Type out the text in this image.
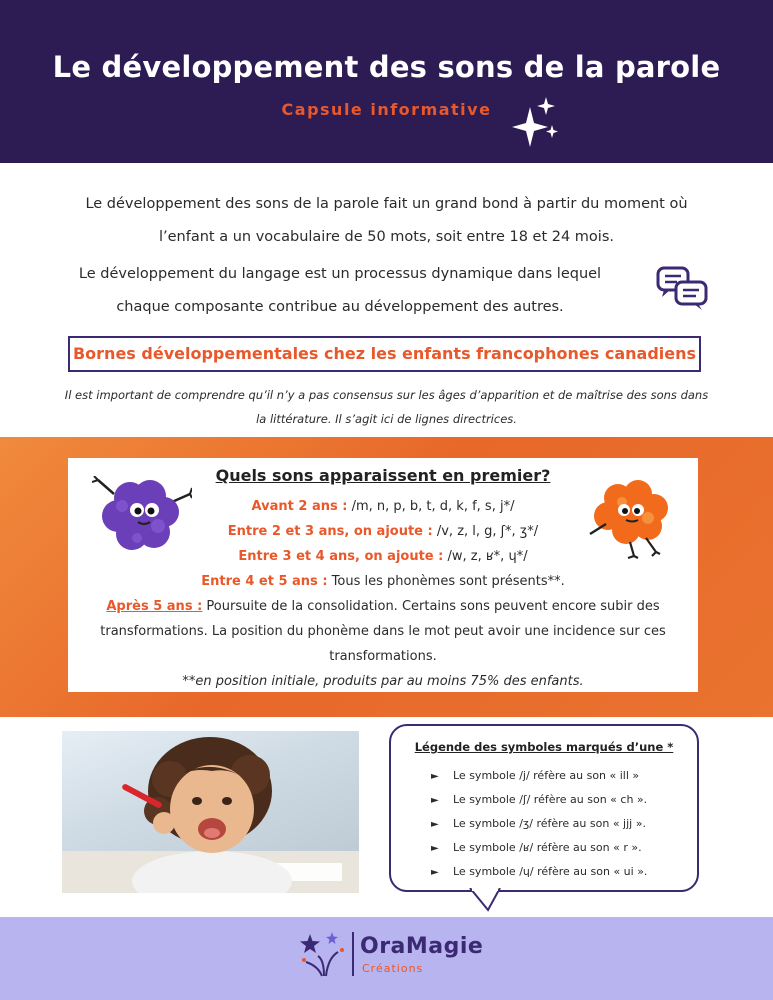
Le développement des sons de la parole
Capsule informative
Le développement des sons de la parole fait un grand bond à partir du moment où
l’enfant a un vocabulaire de 50 mots, soit entre 18 et 24 mois.
Le développement du langage est un processus dynamique dans lequel
chaque composante contribue au développement des autres.
Bornes développementales chez les enfants francophones canadiens
Il est important de comprendre qu’il n’y a pas consensus sur les âges d’apparition et de maîtrise des sons dans
la littérature. Il s’agit ici de lignes directrices.
Quels sons apparaissent en premier?
Avant 2 ans : /m, n, p, b, t, d, k, f, s, j*/
Entre 2 et 3 ans, on ajoute : /v, z, l, g, ʃ*, ʒ*/
Entre 3 et 4 ans, on ajoute : /w, z, ʁ*, ɥ*/
Entre 4 et 5 ans : Tous les phonèmes sont présents**.
Après 5 ans : Poursuite de la consolidation. Certains sons peuvent encore subir des
transformations. La position du phonème dans le mot peut avoir une incidence sur ces
transformations.
**en position initiale, produits par au moins 75% des enfants.
Légende des symboles marqués d’une *
► Le symbole /j/ réfère au son « ill »
► Le symbole /ʃ/ réfère au son « ch ».
► Le symbole /ʒ/ réfère au son « jjj ».
► Le symbole /ʁ/ réfère au son « r ».
► Le symbole /ɥ/ réfère au son « ui ».
OraMagie
Créations
